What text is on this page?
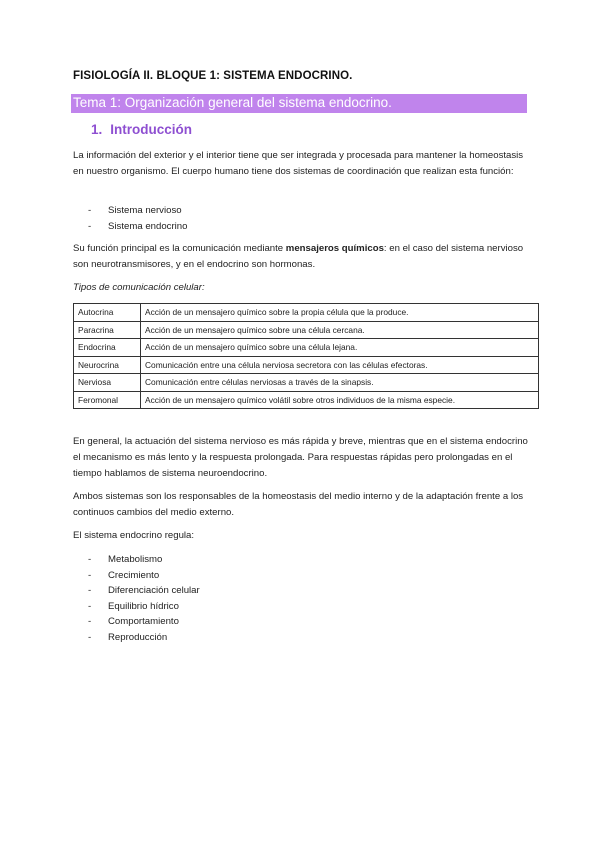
FISIOLOGÍA II. BLOQUE 1: SISTEMA ENDOCRINO.
Tema 1: Organización general del sistema endocrino.
1. Introducción
La información del exterior y el interior tiene que ser integrada y procesada para mantener la homeostasis en nuestro organismo. El cuerpo humano tiene dos sistemas de coordinación que realizan esta función:
- Sistema nervioso
- Sistema endocrino
Su función principal es la comunicación mediante mensajeros químicos: en el caso del sistema nervioso son neurotransmisores, y en el endocrino son hormonas.
Tipos de comunicación celular:
Autocrina	Acción de un mensajero químico sobre la propia célula que la produce.
Paracrina	Acción de un mensajero químico sobre una célula cercana.
Endocrina	Acción de un mensajero químico sobre una célula lejana.
Neurocrina	Comunicación entre una célula nerviosa secretora con las células efectoras.
Nerviosa	Comunicación entre células nerviosas a través de la sinapsis.
Feromonal	Acción de un mensajero químico volátil sobre otros individuos de la misma especie.
En general, la actuación del sistema nervioso es más rápida y breve, mientras que en el sistema endocrino el mecanismo es más lento y la respuesta prolongada. Para respuestas rápidas pero prolongadas en el tiempo hablamos de sistema neuroendocrino.
Ambos sistemas son los responsables de la homeostasis del medio interno y de la adaptación frente a los continuos cambios del medio externo.
El sistema endocrino regula:
- Metabolismo
- Crecimiento
- Diferenciación celular
- Equilibrio hídrico
- Comportamiento
- Reproducción
